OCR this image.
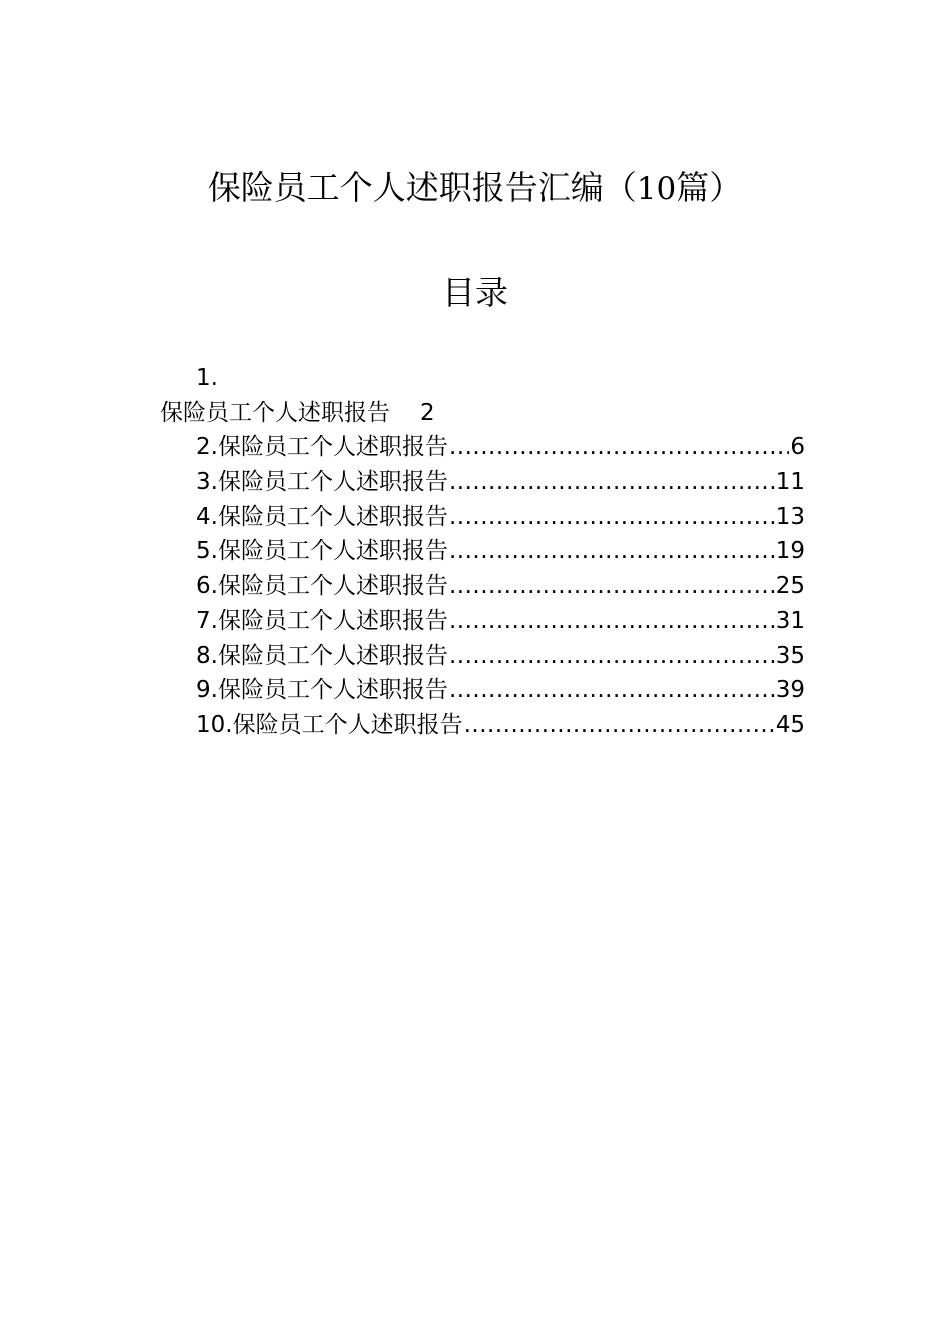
保险员工个人述职报告汇编（10篇）
目录
1.
保险员工个人述职报告 2
2.保险员工个人述职报告 .....	6
3.保险员工个人述职报告 .....	11
4.保险员工个人述职报告 .....	13
5.保险员工个人述职报告 .....	19
6.保险员工个人述职报告 .....	25
7.保险员工个人述职报告 .....	31
8.保险员工个人述职报告 .....	35
9.保险员工个人述职报告 .....	39
10.保险员工个人述职报告 .....	45
